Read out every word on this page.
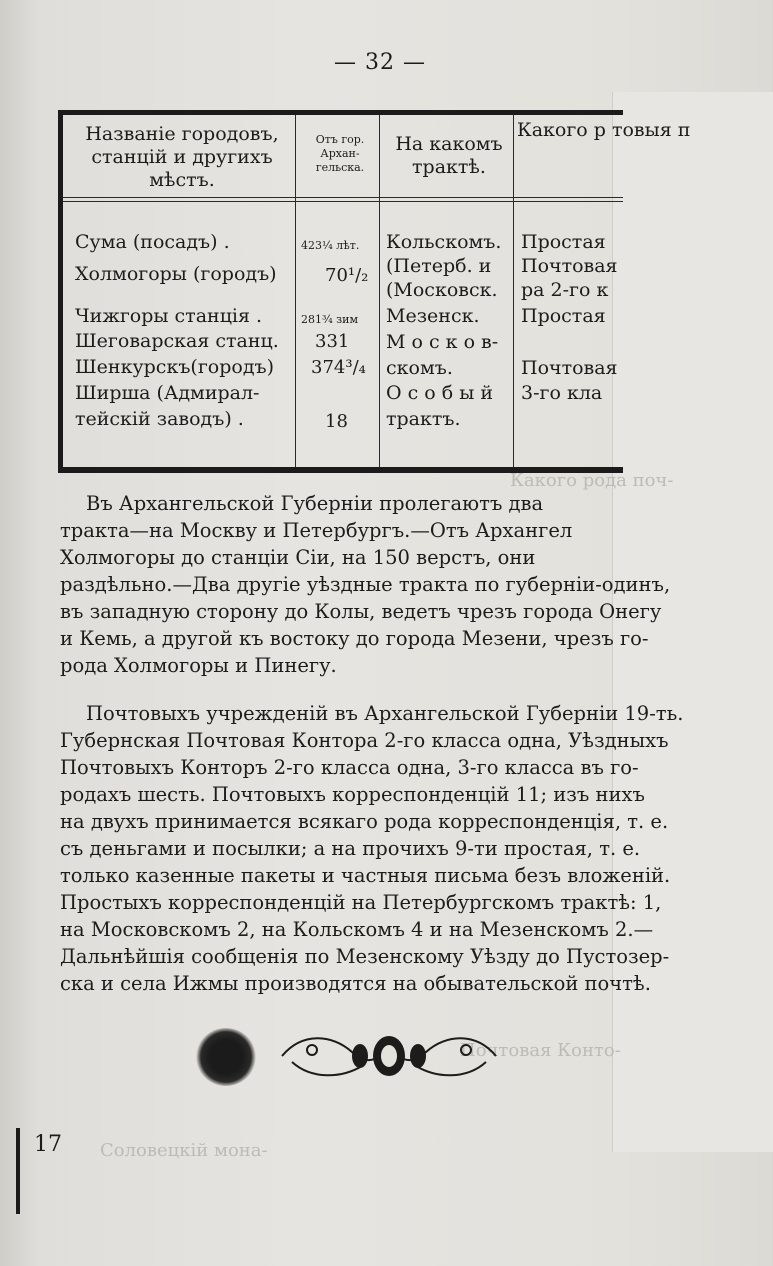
Какого рода поч-
Почтовая Конто-
Соловецкій мона-
— 32 —
Названіе городовъ, станцій и другихъ мѣстъ.
Отъ гор. Архан-гельска.
На какомъ трактѣ.
Какого р товыя п
Сума (посадъ) .
Холмогоры (городъ)
Чижгоры станція .
Шеговарская станц.
Шенкурскъ(городъ)
Ширша (Адмирал-
тейскій заводъ) .
423¹⁄₄ лѣт.
70¹/₂
281³⁄₄ зим
331
374³/₄
18
Кольскомъ.
(Петерб. и
(Московск.
Мезенск.
М о с к о в-
скомъ.
О с о б ы й
трактъ.
Простая
Почтовая
ра 2-го к
Простая
Почтовая
3-го кла
Въ Архангельской Губерніи пролегаютъ два
тракта—на Москву и Петербургъ.—Отъ Архангел
Холмогоры до станціи Сіи, на 150 верстъ, они
раздѣльно.—Два другіе уѣздные тракта по губерніи-одинъ,
въ западную сторону до Колы, ведетъ чрезъ города Онегу
и Кемь, а другой къ востоку до города Мезени, чрезъ го-
рода Холмогоры и Пинегу.
Почтовыхъ учрежденій въ Архангельской Губерніи 19-ть.
Губернская Почтовая Контора 2-го класса одна, Уѣздныхъ
Почтовыхъ Конторъ 2-го класса одна, 3-го класса въ го-
родахъ шесть. Почтовыхъ корреспонденцій 11; изъ нихъ
на двухъ принимается всякаго рода корреспонденція, т. е.
съ деньгами и посылки; а на прочихъ 9-ти простая, т. е.
только казенные пакеты и частныя письма безъ вложеній.
Простыхъ корреспонденцій на Петербургскомъ трактѣ: 1,
на Московскомъ 2, на Кольскомъ 4 и на Мезенскомъ 2.—
Дальнѣйшія сообщенія по Мезенскому Уѣзду до Пустозер-
ска и села Ижмы производятся на обывательской почтѣ.
17
